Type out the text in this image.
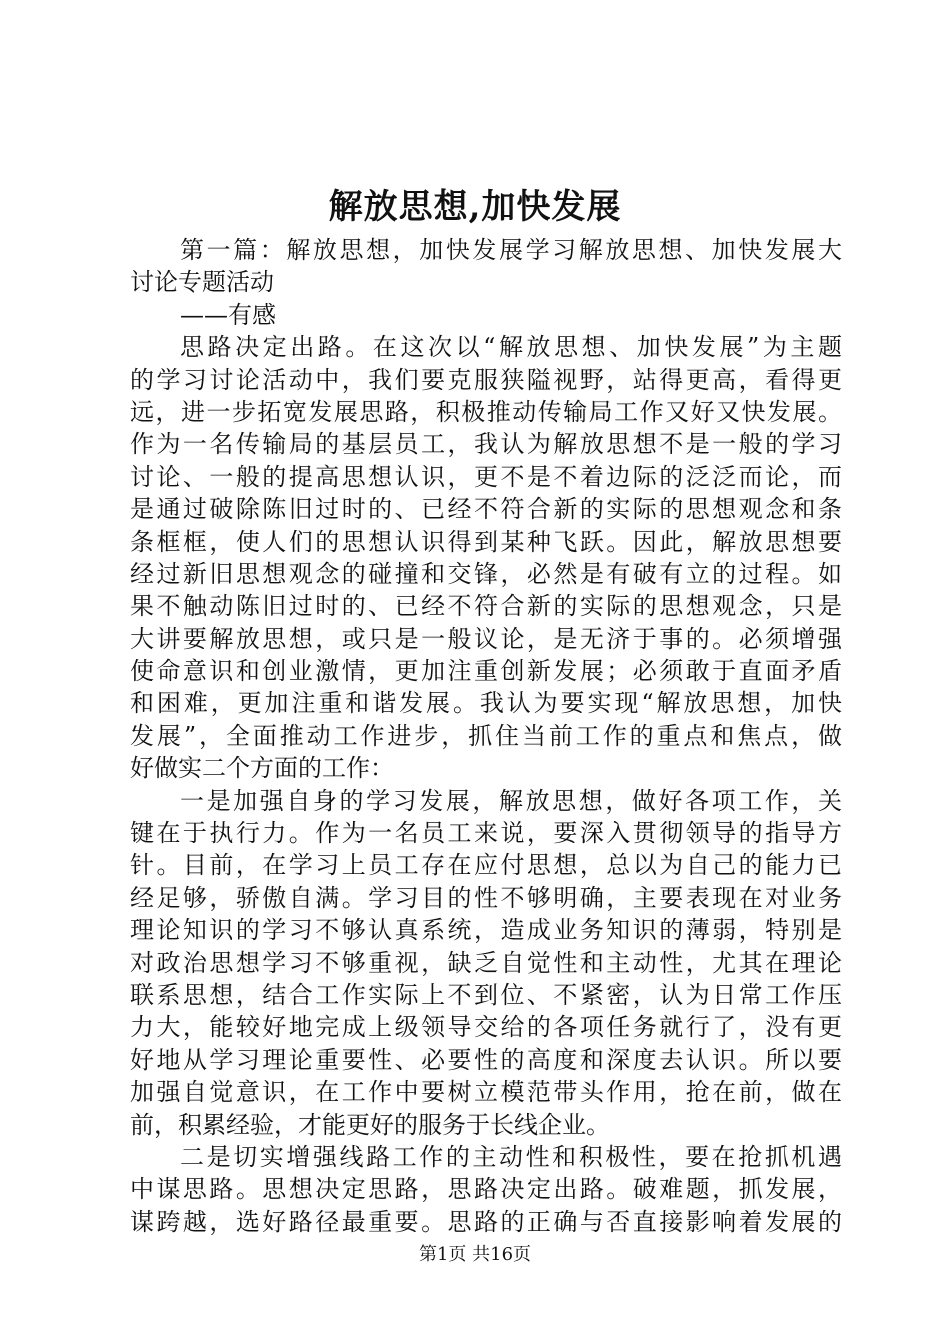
解放思想,加快发展
第一篇：解放思想，加快发展学习解放思想、加快发展大
讨论专题活动
——有感
思路决定出路。在这次以“解放思想、加快发展”为主题
的学习讨论活动中，我们要克服狭隘视野，站得更高，看得更
远，进一步拓宽发展思路，积极推动传输局工作又好又快发展。
作为一名传输局的基层员工，我认为解放思想不是一般的学习
讨论、一般的提高思想认识，更不是不着边际的泛泛而论，而
是通过破除陈旧过时的、已经不符合新的实际的思想观念和条
条框框，使人们的思想认识得到某种飞跃。因此，解放思想要
经过新旧思想观念的碰撞和交锋，必然是有破有立的过程。如
果不触动陈旧过时的、已经不符合新的实际的思想观念，只是
大讲要解放思想，或只是一般议论，是无济于事的。必须增强
使命意识和创业激情，更加注重创新发展；必须敢于直面矛盾
和困难，更加注重和谐发展。我认为要实现“解放思想，加快
发展”，全面推动工作进步，抓住当前工作的重点和焦点，做
好做实二个方面的工作：
一是加强自身的学习发展，解放思想，做好各项工作，关
键在于执行力。作为一名员工来说，要深入贯彻领导的指导方
针。目前，在学习上员工存在应付思想，总以为自己的能力已
经足够，骄傲自满。学习目的性不够明确，主要表现在对业务
理论知识的学习不够认真系统，造成业务知识的薄弱，特别是
对政治思想学习不够重视，缺乏自觉性和主动性，尤其在理论
联系思想，结合工作实际上不到位、不紧密，认为日常工作压
力大，能较好地完成上级领导交给的各项任务就行了，没有更
好地从学习理论重要性、必要性的高度和深度去认识。所以要
加强自觉意识，在工作中要树立模范带头作用，抢在前，做在
前，积累经验，才能更好的服务于长线企业。
二是切实增强线路工作的主动性和积极性，要在抢抓机遇
中谋思路。思想决定思路，思路决定出路。破难题，抓发展，
谋跨越，选好路径最重要。思路的正确与否直接影响着发展的
第1页 共16页
